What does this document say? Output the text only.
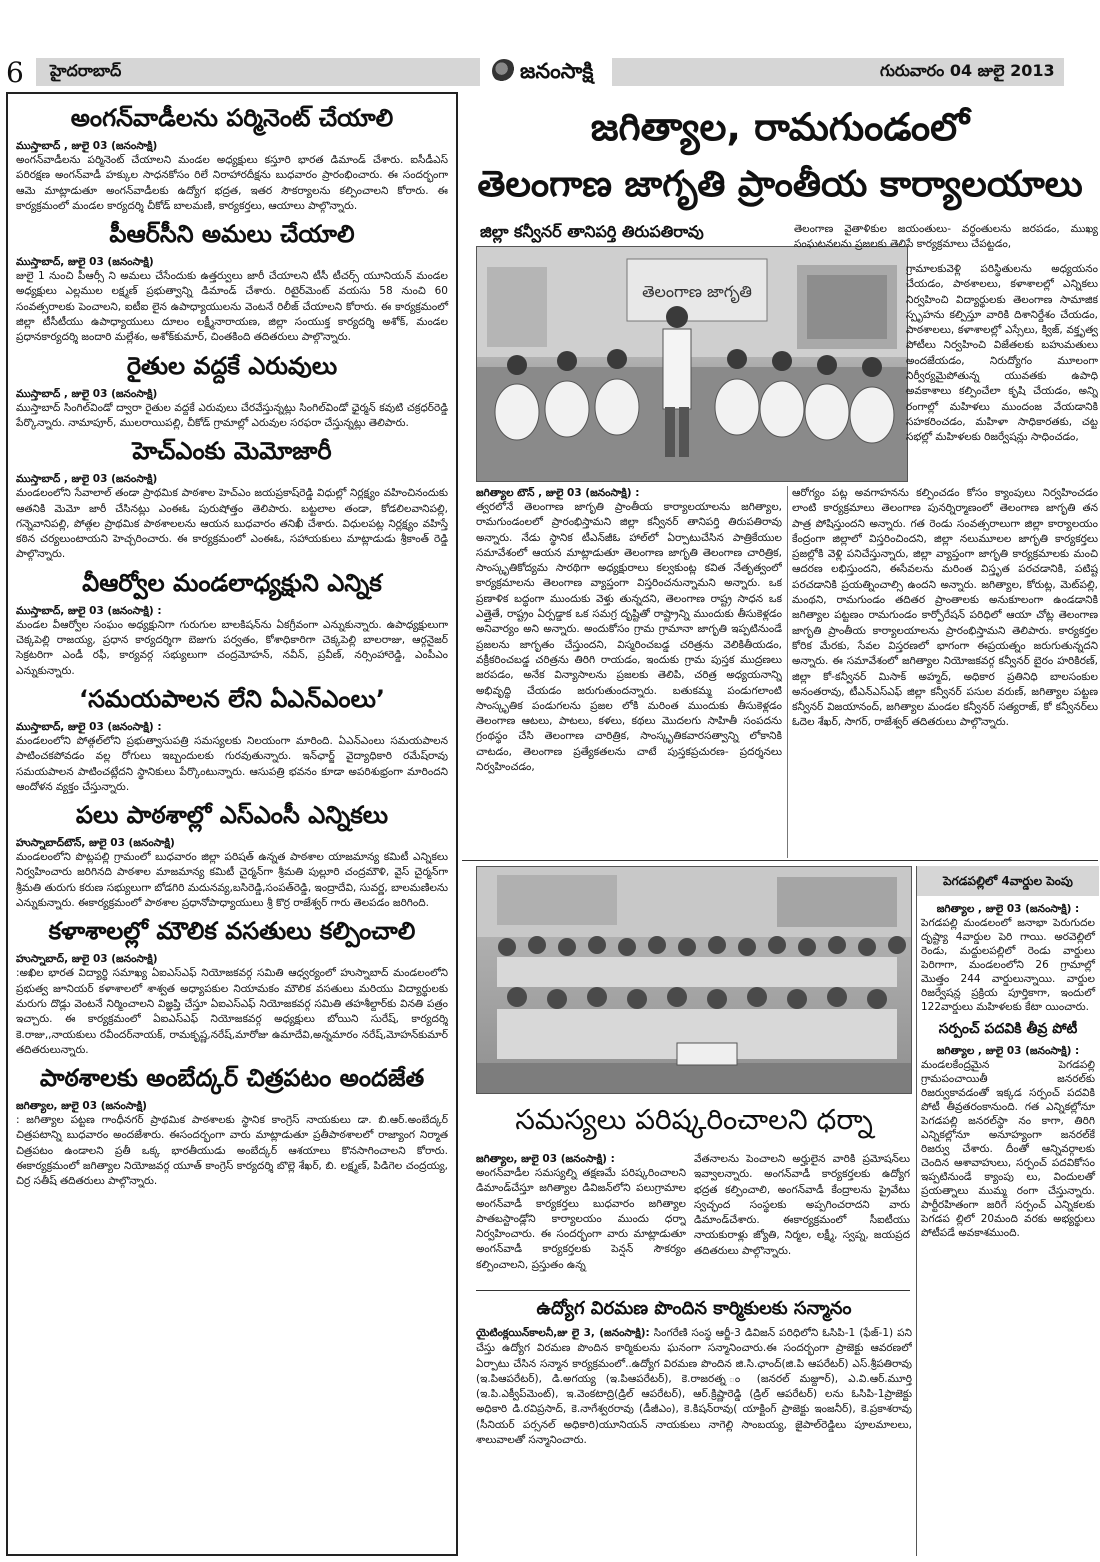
6 హైదరాబాద్	జనంసాక్షి	గురువారం 04 జులై 2013
అంగన్‌వాడీలను పర్మినెంట్‌ చేయాలి
ముస్తాబాద్‌ , జులై 03 (జనంసాక్షి)
అంగన్‌వాడీలను పర్మినెంట్‌ చేయాలని మండల అధ్యక్షులు కస్తూరి భారత డిమాండ్‌ చేశారు. ఐసీడీఎస్‌ పరిరక్షణ అంగన్‌వాడీ హక్కుల సాధనకోసం రిలే నిరాహారదీక్షను బుధవారం ప్రారంభించారు. ఈ సందర్భంగా ఆమె మాట్లాడుతూ అంగన్‌వాడీలకు ఉద్యోగ భద్రత, ఇతర సౌకర్యాలను కల్పించాలని కోరారు. ఈ కార్యక్రమంలో మండల కార్యదర్శి చీకోడ్‌ బాలమణి, కార్యకర్తలు, ఆయాలు పాల్గొన్నారు.
పీఆర్‌సీని అమలు చేయాలి
ముస్తాబాద్‌, జులై 03 (జనంసాక్షి)
జులై 1 నుంచి పీఆర్సీ ని అమలు చేసేందుకు ఉత్తర్వులు జారీ చేయాలని టీసీ టీచర్స్‌ యూనియన్‌ మండల అధ్యక్షులు ఎల్లముల లక్ష్మణ్‌ ప్రభుత్వాన్ని డిమాండ్‌ చేశారు. రిటైర్‌మెంట్‌ వయసు 58 నుంచి 60 సంవత్సరాలకు పెంచాలని, ఐటీఐ లైన ఉపాధ్యాయులను వెంటనే రిలీజ్‌ చేయాలని కోరారు. ఈ కార్యక్రమంలో జిల్లా టీసీటీయు ఉపాధ్యాయులు దూలం లక్ష్మీనారాయణ, జిల్లా సంయుక్త కార్యదర్శి అశోక్‌, మండల ప్రధానకార్యదర్శి జందారి మల్లేశం, అశోక్‌కుమార్‌, చింతకింది తదితరులు పాల్గొన్నారు.
రైతుల వద్దకే ఎరువులు
ముస్తాబాద్‌ , జులై 03 (జనంసాక్షి)
ముస్తాబాద్‌ సింగిల్‌విండో ద్వారా రైతుల వద్దకే ఎరువులు చేరవేస్తున్నట్లు సింగిల్‌విండో ఛైర్మన్‌ కవుటి చక్రధర్‌రెడ్డి పేర్కొన్నారు. నామాపూర్‌, ములరాయిపల్లి, చీకోడ్‌ గ్రామాల్లో ఎరువుల సరఫరా చేస్తున్నట్లు తెలిపారు.
హెచ్‌ఎంకు మెమోజారీ
ముస్తాబాద్‌ , జులై 03 (జనంసాక్షి)
మండలంలోని సేవాలాల్‌ తండా ప్రాథమిక పాఠశాల హెచ్‌ఎం జయప్రకాష్‌రెడ్డి విధుల్లో నిర్లక్ష్యం వహించినందుకు ఆతనికి మెమో జారీ చేసినట్లు ఎంఈఓ పురుషోత్తం తెలిపారు. బట్టలాల తండా, కోడలిలవానిపల్లి, గన్నెవానిపల్లి, పోత్గల ప్రాథమిక పాఠశాలలను ఆయన బుధవారం తనిఖీ చేశారు. విధులపట్ల నిర్లక్ష్యం వహిస్తే కఠిన చర్యలుంటాయని హెచ్చరించారు. ఈ కార్యక్రమంలో ఎంఈఓ, సహాయకులు మాట్లాడుడు శ్రీకాంత్‌ రెడ్డి పాల్గొన్నారు.
వీఆర్వోల మండలాధ్యక్షుని ఎన్నిక
ముస్తాబాద్‌, జులై 03 (జనంసాక్షి) :
మండల వీఆర్వోల సంఘం అధ్యక్షునిగా గురుగుల బాలకిషన్‌ను ఏకగ్రీవంగా ఎన్నుకున్నారు. ఉపాధ్యక్షులుగా చెక్కపెల్లి రాజయ్య, ప్రధాన కార్యదర్శిగా బెజుగు పర్వతం, కోశాధికారిగా చెక్కపెల్లి బాలరాజు, ఆర్గనైజర్‌ సెక్రటరిగా ఎండీ రఫీ, కార్యవర్గ సభ్యులుగా చంద్రమోహన్‌, నవీన్‌, ప్రవీణ్‌, నర్సింహారెడ్డి, ఎంపీఎం ఎన్నుకున్నారు.
‘సమయపాలన లేని ఏఎన్‌ఎంలు’
ముస్తాబాద్‌, జులై 03 (జనంసాక్షి) :
మండలంలోని పోత్గల్‌లోని ప్రభుత్వాసుపత్రి సమస్యలకు నిలయంగా మారింది. ఏఎన్‌ఎంలు సమయపాలన పాటించకపోవడం వల్ల రోగులు ఇబ్బందులకు గురవుతున్నారు. ఇన్‌ఛార్జ్‌ వైద్యాధికారి రమేష్‌రావు సమయపాలన పాటించట్లేదని స్థానికులు పేర్కొంటున్నారు. ఆసుపత్రి భవనం కూడా అపరిశుభ్రంగా మారిందని ఆందోళన వ్యక్తం చేస్తున్నారు.
పలు పాఠశాల్లో ఎస్‌ఎంసీ ఎన్నికలు
హుస్నాబాద్‌టౌన్‌, జులై 03 (జనంసాక్షి)
మండలంలోని పొట్లపల్లి గ్రామంలో బుధవారం జిల్లా పరిషత్‌ ఉన్నత పాఠశాల యాజమాన్య కమిటీ ఎన్నికలు నిర్వహించారు జరిగినది పాఠశాల మాజమాన్య కమిటీ చైర్మన్‌గా శ్రీమతి పుల్లూరి చంద్రమౌళి, వైస్‌ చైర్మన్‌గా శ్రీమతి తురుగు కరుణ సభ్యులుగా బోడగిరి మదునవ్య,బసిరెడ్డి,సంపత్‌రెడ్డి, ఇంద్రాదేవి, సువర్ణ, బాలమణిలను ఎన్నుకున్నారు. ఈకార్యక్రమంలో పాఠశాల ప్రధానోపాధ్యాయులు శ్రీ కొర్ర రాజేశ్వర్‌ గారు తెలపడం జరిగింది.
కళాశాలల్లో మౌలిక వసతులు కల్పించాలి
హుస్నాబాద్‌, జులై 03 (జనంసాక్షి)
:అఖిల భారత విద్యార్థి సమాఖ్య ఏఐఎస్‌ఎఫ్‌ నియోజకవర్గ సమితి ఆధ్వర్యంలో హుస్నాబాద్‌ మండలంలోని ప్రభుత్వ జూనియర్‌ కళాశాలలో శాశ్వత అధ్యాపకుల నియామకం మౌలిక వసతులు మరియు విద్యార్థులకు మరుగు దొడ్లు వెంటనే నిర్మించాలని విజ్ఞప్తి చేస్తూ ఏఐఎస్‌ఎఫ్‌ నియోజకవర్గ సమితి తహశీల్దార్‌కు వినతి పత్రం ఇచ్చారు. ఈ కార్యక్రమంలో ఏఐఎస్‌ఎఫ్‌ నియోజకవర్గ అధ్యక్షులు బోయిని సురేష్‌, కార్యదర్శి కె.రాజు,,నాయకులు రవీందర్‌నాయక్‌, రామకృష్ణ,నరేష్‌,మారోజు ఉమాదేవి,అన్నమారం నరేష్‌,మోహన్‌కుమార్‌ తదితరులున్నారు.
పాఠశాలకు అంబేద్కర్‌ చిత్రపటం అందజేత
జగిత్యాల, జులై 03 (జనంసాక్షి)
: జగిత్యాల పట్టణ గాంధీనగర్‌ ప్రాథమిక పాఠశాలకు స్థానిక కాంగ్రెస్‌ నాయకులు డా. బి.ఆర్‌.అంబేద్కర్‌ చిత్రపటాన్ని బుధవారం అందజేశారు. ఈసందర్భంగా వారు మాట్లాడుతూ ప్రతీపాఠశాలలో రాజ్యాంగ నిర్మాత చిత్రపటం ఉండాలని ప్రతీ ఒక్క భారతీయుడు అంబేద్కర్‌ ఆశయాలు కొనసాగించాలని కోరారు. ఈకార్యక్రమంలో జగిత్యాల నియోజవర్గ యూత్‌ కాంగ్రెస్‌ కార్యదర్శి బొల్లె శేఖర్‌, బి. లక్ష్మణ్‌, పిడిగెల చంద్రయ్య, చిర్ర సతీష్‌ తదితరులు పాల్గొన్నారు.
జగిత్యాల, రామగుండంలో
తెలంగాణ జాగృతి ప్రాంతీయ కార్యాలయాలు
జిల్లా కన్వీనర్‌ తానిపర్తి తిరుపతిరావు
తెలంగాణ జాగృతి
తెలంగాణ వైతాళికుల జయంతులు- వర్ధంతులను జరపడం, ముఖ్య సంఘటనలను ప్రజలకు తెలిపే కార్యక్రమాలు చేపట్టడం,
గ్రామాలకువెళ్లి పరిస్థితులను అధ్యయనం చేయడం, పాఠశాలలు, కళాశాలల్లో ఎన్నికలు నిర్వహించి విద్యార్థులకు తెలంగాణ సామాజిక స్పృహను కల్పిస్తూ వారికి దిశానిర్దేశం చేయడం, పాఠశాలలు, కళాశాలల్లో ఎస్సేలు, క్విజ్‌, వక్తృత్వ పోటీలు నిర్వహించి విజేతలకు బహుమతులు అందజేయడం, నిరుద్యోగం మూలంగా నిర్వీర్యమైపోతున్న యువతకు ఉపాధి అవకాశాలు కల్పించేలా కృషి చేయడం, అన్ని రంగాల్లో మహిళలు ముందంజ వేయడానికి సహకరించడం, మహిళా సాధికారతకు, చట్ట సభల్లో మహిళలకు రిజర్వేషన్లు సాధించడం,
జగిత్యాల టౌన్‌ , జులై 03 (జనంసాక్షి) :
త్వరలోనే తెలంగాణ జాగృతి ప్రాంతీయ కార్యాలయాలను జగిత్యాల, రామగుండంలలో ప్రారంభిస్తామని జిల్లా కన్వీనర్‌ తానిపర్తి తిరుపతిరావు అన్నారు. నేడు స్థానిక టీఎన్‌జీఓ హాల్‌లో ఏర్పాటుచేసిన పాత్రికేయుల సమావేశంలో ఆయన మాట్లాడుతూ తెలంగాణ జాగృతి తెలంగాణ చారిత్రిక, సాంస్కృతికోద్యమ సారథిగా అధ్యక్షురాలు కల్వకుంట్ల కవిత నేతృత్వంలో కార్యక్రమాలను తెలంగాణ వ్యాప్తంగా విస్తరించనున్నామని అన్నారు. ఒక ప్రణాళిక బద్ధంగా ముందుకు వెళ్తు తున్నదని, తెలంగాణ రాష్ట్ర సాధన ఒక ఎత్తైతే, రాష్ట్రం ఏర్పడ్డాక ఒక సమగ్ర దృష్టితో రాష్ట్రాన్ని ముందుకు తీసుకెళ్లడం అనివార్యం అని అన్నారు. అందుకోసం గ్రామ గ్రామానా జాగృతి ఇప్పటినుండే ప్రజలను జాగృతం చేస్తుందని, విస్మరించబడ్డ చరిత్రను వెలికితీయడం, వక్రీకరించబడ్డ చరిత్రను తిరిగి రాయడం, ఇందుకు గ్రామ పుస్తక ముద్రణలు జరపడం, అనేక విన్యాసాలను ప్రజలకు తెలిపి, చరిత్ర అధ్యయనాన్ని అభివృద్ధి చేయడం జరుగుతుందన్నారు. బతుకమ్మ పండుగలాంటి సాంస్కృతిక పండుగలను ప్రజల లోకి మరింత ముందుకు తీసుకెళ్లడం తెలంగాణ ఆటలు, పాటలు, కళలు, కథలు మొదలగు సాహితీ సంపదను గ్రంథస్థం చేసి తెలంగాణ చారిత్రిక, సాంస్కృతికవారసత్వాన్ని లోకానికి చాటడం, తెలంగాణ ప్రత్యేకతలను చాటే పుస్తకప్రచురణ- ప్రదర్శనలు నిర్వహించడం,
ఆరోగ్యం పట్ల అవగాహనను కల్పించడం కోసం క్యాంపులు నిర్వహించడం లాంటి కార్యక్రమాలు తెలంగాణ పునర్నిర్మాణంలో తెలంగాణ జాగృతి తన పాత్ర పోషిస్తుందని అన్నారు. గత రెండు సంవత్సరాలుగా జిల్లా కార్యాలయం కేంద్రంగా జిల్లాలో విస్తరించిందని, జిల్లా నలుమూలల జాగృతి కార్యకర్తలు ప్రజల్లోకి వెళ్లి పనిచేస్తున్నారు, జిల్లా వ్యాప్తంగా జాగృతి కార్యక్రమాలకు మంచి ఆదరణ లభిస్తుందని, ఈసేవలను మరింత విస్తృత పరచడానికి, పటిష్ట పరచడానికి ప్రయత్నించాల్సి ఉందని అన్నారు. జగిత్యాల, కోరుట్ల, మెట్‌పల్లి, మంథని, రామగుండం తదితర ప్రాంతాలకు అనుకూలంగా ఉండడానికి జగిత్యాల పట్టణం రామగుండం కార్పోరేషన్‌ పరిధిలో ఆయా చోట్ల తెలంగాణ జాగృతి ప్రాంతీయ కార్యాలయాలను ప్రారంభిస్తామని తెలిపారు. కార్యకర్తల కోరిక మేరకు, సేవల విస్తరణలో భాగంగా ఈప్రయత్నం జరుగుతున్నదని అన్నారు. ఈ సమావేశంలో జగిత్యాల నియోజకవర్గ కన్వీనర్‌ బైరం హరికిరణ్‌, జిల్లా కో-కన్వీనర్‌ మిసాక్‌ అహ్మద్‌, అధికార ప్రతినిధి బాలసంకుల అనంతరావు, టీఎన్‌ఎస్‌ఎఫ్‌ జిల్లా కన్వీనర్‌ పసుల వరుణ్‌, జగిత్యాల పట్టణ కన్వీనర్‌ విజయానంద్‌, జగిత్యాల మండల కన్వీనర్‌ సత్యరాజ్‌, కో కన్వీనర్‌లు ఓదెల శేఖర్‌, సాగర్‌, రాజేశ్వర్‌ తదితరులు పాల్గొన్నారు.
సమస్యలు పరిష్కరించాలని ధర్నా
జగిత్యాల, జులై 03 (జనంసాక్షి) :
అంగన్‌వాడీల సమస్యల్ని తక్షణమే పరిష్కరించాలని డిమాండ్‌చేస్తూ జగిత్యాల డివిజన్‌లోని పలుగ్రామాల అంగన్‌వాడీ కార్యకర్తలు బుధవారం జగిత్యాల పాతబస్టాండ్లోని కార్యాలయం ముందు ధర్నా నిర్వహించారు. ఈ సందర్భంగా వారు మాట్లాడుతూ అంగన్‌వాడీ కార్యకర్తలకు పెన్షన్‌ సౌకర్యం కల్పించాలని, ప్రస్తుతం ఉన్న
వేతనాలను పెంచాలని అర్హులైన వారికి ప్రమోషన్‌లు ఇవ్వాలన్నారు. అంగన్‌వాడీ కార్యకర్తలకు ఉద్యోగ భద్రత కల్పించాలి, అంగన్‌వాడీ కేంద్రాలను ప్రైవేటు స్వచ్ఛంద సంస్థలకు అప్పగించరాదని వారు డిమాండ్‌చేశారు. ఈకార్యక్రమంలో సీఐటీయు నాయకురాళ్లు జ్యోతి, నిర్మల, లక్ష్మీ, స్వప్న, జయప్రద తదితరులు పాల్గొన్నారు.
ఉద్యోగ విరమణ పొందిన కార్మికులకు సన్మానం
యైటింక్లయిన్‌కాలనీ,జు లై 3, (జనంసాక్షి): సింగరేణి సంస్థ ఆర్జీ-3 డివిజన్‌ పరిధిలోని ఓసిపి-1 (ఫేజ్‌-1) పని చేస్తు ఉద్యోగ విరమణ పొందిన కార్మికులను ఘనంగా సన్మానించారు.ఈ సందర్భంగా ప్రాజెక్టు ఆవరణలో ఏర్పాటు చేసిన సన్మాన కార్యక్రమంలో..ఉద్యోగ విరమణ పొందిన జి.సి.ఛాంద్‌(జి.పి ఆపరేటర్‌) ఎస్‌.శ్రీపతిరావు (ఇ.పిఆపరేటర్‌), డి.అగయ్య (ఇ.పిఆపరేటర్‌), కె.రాజరత్న ం (జనరల్‌ మజ్దూర్‌), ఎ.వి.ఆర్‌.మూర్తి (ఇ.పి.ఎక్వీప్‌మెంట్‌), ఇ.వెంకటాద్రి(డ్రిల్‌ ఆపరేటర్‌), ఆర్‌.క్రిష్ణారెడ్డి (డ్రిల్‌ ఆపరేటర్‌) లను ఓసిపి-1ప్రాజెక్టు అధికారి డి.రవిప్రసాద్‌, కె.నాగేశ్వరరావు (డీజీఎం), కె.కిషన్‌రావు( యాక్టింగ్‌ ప్రాజెక్టు ఇంజనీర్‌), కె.ప్రకాశరావు (సీనియర్‌ పర్సనల్‌ అధికారి)యూనియన్‌ నాయకులు నాగెల్లి సాంబయ్య, జైపాల్‌రెడ్డిలు పూలమాలలు, శాలువాలతో సన్మానించారు.
పెగడపల్లిలో 4వార్డుల పెంపు
జగిత్యాల , జులై 03 (జనంసాక్షి) :
పెగడపల్లి మండలంలో జనాభా పెరుగుదల దృష్ట్యా 4వార్డుల పెరి గాయి. అరవెల్లిలో రెండు, మద్దులపల్లిలో రెండు వార్డులు పెరిగాగా, మండలంలోని 26 గ్రామాల్లో మొత్తం 244 వార్డులున్నాయి. వార్డుల రిజర్వేషన్ల ప్రక్రియ పూర్తికాగా, ఇందులో 122వార్డులు మహిళలకు కేటా యించారు.
సర్పంచ్‌ పదవికి తీవ్ర పోటీ
జగిత్యాల , జులై 03 (జనంసాక్షి) :
మండలకేంద్రమైన పెగడపల్లి గ్రామపంచాయితీ జనరల్‌కు రిజర్వుకావడంతో ఇక్కడ సర్పంచ్‌ పదవికి పోటీ తీవ్రతరంకానుంది. గత ఎన్నికల్లోనూ పెగడపల్లి జనరల్‌స్థా నం కాగా, తిరిగి ఎన్నికల్లోనూ అనూహ్యంగా జనరల్‌కే రిజర్వు చేశారు. దీంతో ఆన్నివర్గాలకు చెందిన ఆశావాహులు, సర్పంచ్‌ పదవికోసం ఇప్పటినుండే క్యాంపు లు, విందులతో ప్రయత్నాలు ముమ్మ రంగా చేస్తున్నారు. పార్టీరహితంగా జరిగే సర్పంచ్‌ ఎన్నికలకు పెగడప ల్లిలో 20మంది వరకు అభ్యర్థులు పోటీపడే అవకాశముంది.
